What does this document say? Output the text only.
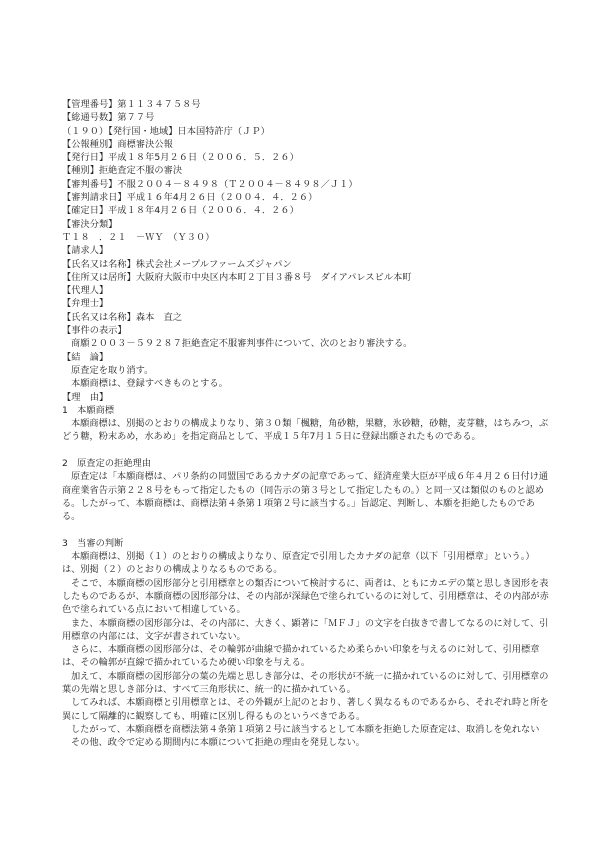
【管理番号】第１１３４７５８号
【総通号数】第７７号
（１９０）【発行国・地域】日本国特許庁（ＪＰ）
【公報種別】商標審決公報
【発行日】平成１８年5月２６日（２００６．５．２６）
【種別】拒絶査定不服の審決
【審判番号】不服２００４－８４９８（Ｔ２００４－８４９８／Ｊ１）
【審判請求日】平成１６年4月２６日（２００４．４．２６）
【確定日】平成１８年4月２６日（２００６．４．２６）
【審決分類】
Ｔ１８　．２１　－ＷＹ　（Ｙ３０）
【請求人】
【氏名又は名称】株式会社メープルファームズジャパン
【住所又は居所】大阪府大阪市中央区内本町２丁目３番８号　ダイアパレスビル本町
【代理人】
【弁理士】
【氏名又は名称】森本　直之
【事件の表示】
商願２００３－５９２８７拒絶査定不服審判事件について、次のとおり審決する。
【結　論】
原査定を取り消す。
本願商標は、登録すべきものとする。
【理　由】
1　本願商標

本願商標は、別掲のとおりの構成よりなり、第３０類「楓糖，角砂糖，果糖，氷砂糖，砂糖，麦芽糖，はちみつ，ぶどう糖，粉末あめ，水あめ」を指定商品として、平成１５年7月１５日に登録出願されたものである。

2　原査定の拒絶理由

原査定は「本願商標は、パリ条約の同盟国であるカナダの記章であって、経済産業大臣が平成６年４月２６日付け通商産業省告示第２２８号をもって指定したもの（同告示の第３号として指定したもの。）と同一又は類似のものと認める。したがって、本願商標は、商標法第４条第１項第２号に該当する。」旨認定、判断し、本願を拒絶したものである。

3　当審の判断

本願商標は、別掲（１）のとおりの構成よりなり、原査定で引用したカナダの記章（以下「引用標章」という。）は、別掲（２）のとおりの構成よりなるものである。

そこで、本願商標の図形部分と引用標章との類否について検討するに、両者は、ともにカエデの葉と思しき図形を表したものであるが、本願商標の図形部分は、その内部が深緑色で塗られているのに対して、引用標章は、その内部が赤色で塗られている点において相違している。

また、本願商標の図形部分は、その内部に、大きく、顕著に「ＭＦＪ」の文字を白抜きで書してなるのに対して、引用標章の内部には、文字が書されていない。

さらに、本願商標の図形部分は、その輪郭が曲線で描かれているため柔らかい印象を与えるのに対して、引用標章は、その輪郭が直線で描かれているため硬い印象を与える。

加えて、本願商標の図形部分の葉の先端と思しき部分は、その形状が不統一に描かれているのに対して、引用標章の葉の先端と思しき部分は、すべて三角形状に、統一的に描かれている。

してみれば、本願商標と引用標章とは、その外観が上記のとおり、著しく異なるものであるから、それぞれ時と所を異にして隔離的に観察しても、明確に区別し得るものというべきである。

したがって、本願商標を商標法第４条第１項第２号に該当するとして本願を拒絶した原査定は、取消しを免れない

その他、政令で定める期間内に本願について拒絶の理由を発見しない。
